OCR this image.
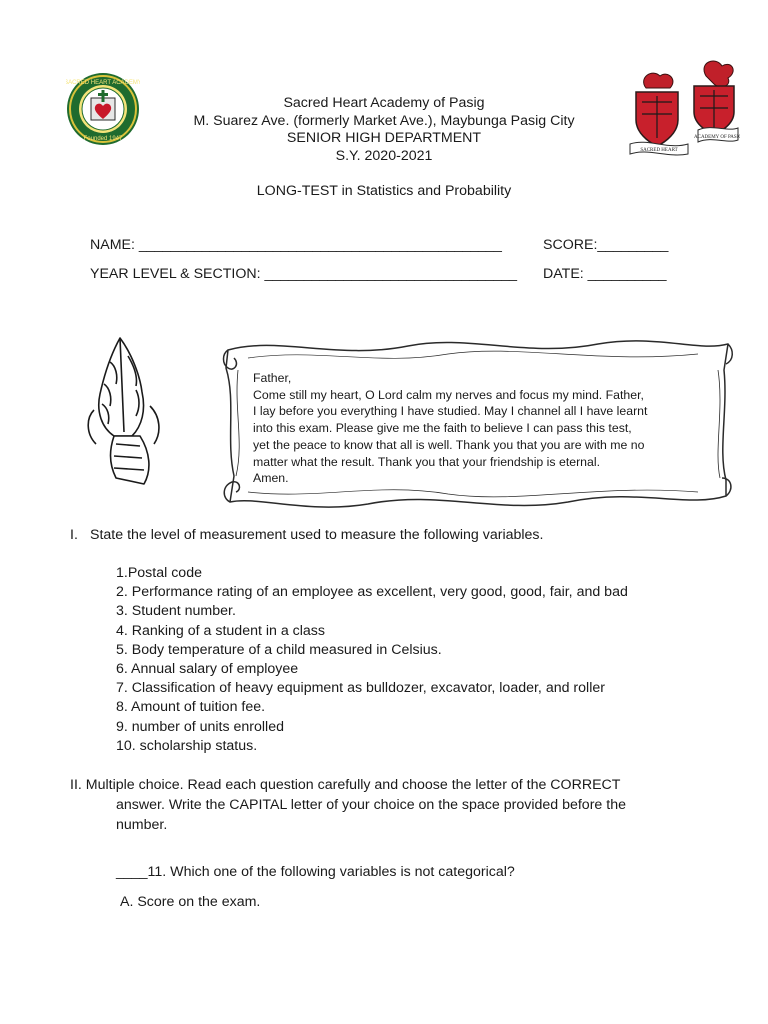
SACRED HEART ACADEMY
Founded 1947
SACRED HEART
ACADEMY OF PASIG
Sacred Heart Academy of Pasig
M. Suarez Ave. (formerly Market Ave.), Maybunga Pasig City
SENIOR HIGH DEPARTMENT
S.Y. 2020-2021
LONG-TEST in Statistics and Probability
NAME: ______________________________________________	SCORE:_________
YEAR LEVEL & SECTION: ________________________________ DATE: __________
Father,
Come still my heart, O Lord calm my nerves and focus my mind. Father,
I lay before you everything I have studied. May I channel all I have learnt
into this exam. Please give me the faith to believe I can pass this test,
yet the peace to know that all is well. Thank you that you are with me no
matter what the result. Thank you that your friendship is eternal.
Amen.
I. State the level of measurement used to measure the following variables.
1.Postal code
2. Performance rating of an employee as excellent, very good, good, fair, and bad
3. Student number.
4. Ranking of a student in a class
5. Body temperature of a child measured in Celsius.
6. Annual salary of employee
7. Classification of heavy equipment as bulldozer, excavator, loader, and roller
8. Amount of tuition fee.
9. number of units enrolled
10. scholarship status.
II. Multiple choice. Read each question carefully and choose the letter of the CORRECT
answer. Write the CAPITAL letter of your choice on the space provided before the
number.
____11. Which one of the following variables is not categorical?
A. Score on the exam.
